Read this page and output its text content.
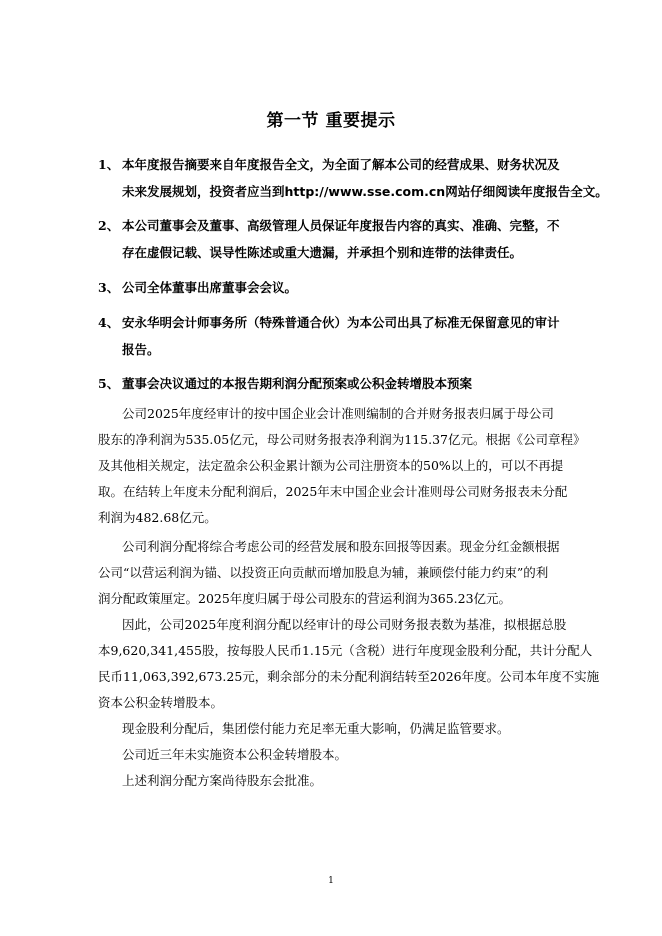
第一节 重要提示
1、 本年度报告摘要来自年度报告全文，为全面了解本公司的经营成果、财务状况及
未来发展规划，投资者应当到http://www.sse.com.cn网站仔细阅读年度报告全文。
2、 本公司董事会及董事、高级管理人员保证年度报告内容的真实、准确、完整，不
存在虚假记载、误导性陈述或重大遗漏，并承担个别和连带的法律责任。
3、 公司全体董事出席董事会会议。
4、 安永华明会计师事务所（特殊普通合伙）为本公司出具了标准无保留意见的审计
报告。
5、 董事会决议通过的本报告期利润分配预案或公积金转增股本预案
公司2025年度经审计的按中国企业会计准则编制的合并财务报表归属于母公司
股东的净利润为535.05亿元，母公司财务报表净利润为115.37亿元。根据《公司章程》
及其他相关规定，法定盈余公积金累计额为公司注册资本的50%以上的，可以不再提
取。在结转上年度未分配利润后，2025年末中国企业会计准则母公司财务报表未分配
利润为482.68亿元。
公司利润分配将综合考虑公司的经营发展和股东回报等因素。现金分红金额根据
公司“以营运利润为锚、以投资正向贡献而增加股息为辅，兼顾偿付能力约束”的利
润分配政策厘定。2025年度归属于母公司股东的营运利润为365.23亿元。
因此，公司2025年度利润分配以经审计的母公司财务报表数为基准，拟根据总股
本9,620,341,455股，按每股人民币1.15元（含税）进行年度现金股利分配，共计分配人
民币11,063,392,673.25元，剩余部分的未分配利润结转至2026年度。公司本年度不实施
资本公积金转增股本。
现金股利分配后，集团偿付能力充足率无重大影响，仍满足监管要求。
公司近三年未实施资本公积金转增股本。
上述利润分配方案尚待股东会批准。
1
